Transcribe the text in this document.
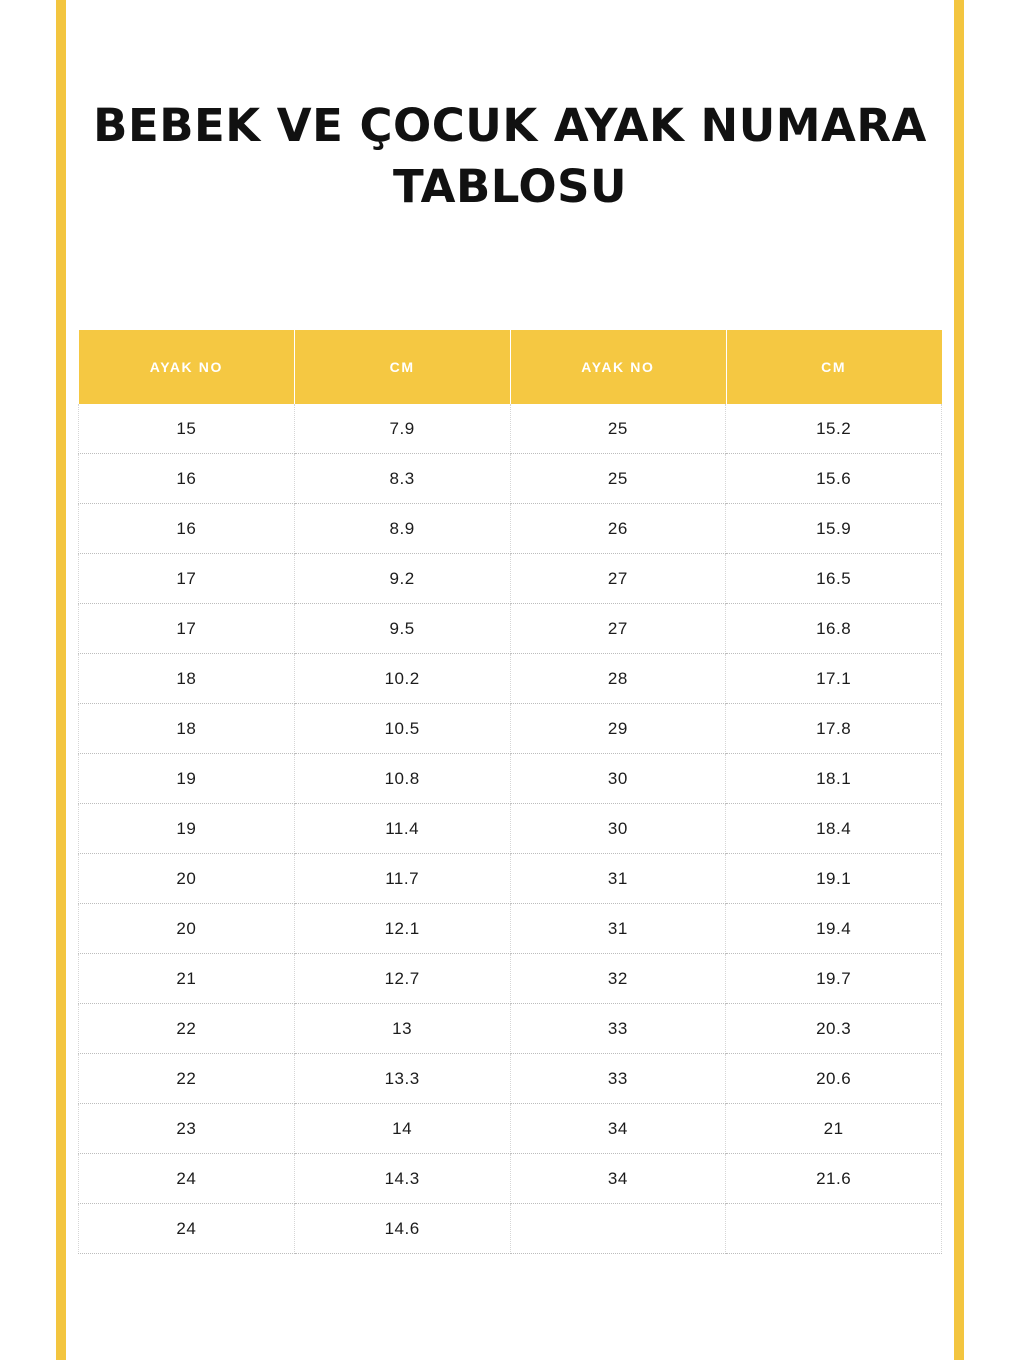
BEBEK VE ÇOCUK AYAK NUMARA TABLOSU
AYAK NO	CM	AYAK NO	CM
15	7.9	25	15.2
16	8.3	25	15.6
16	8.9	26	15.9
17	9.2	27	16.5
17	9.5	27	16.8
18	10.2	28	17.1
18	10.5	29	17.8
19	10.8	30	18.1
19	11.4	30	18.4
20	11.7	31	19.1
20	12.1	31	19.4
21	12.7	32	19.7
22	13	33	20.3
22	13.3	33	20.6
23	14	34	21
24	14.3	34	21.6
24	14.6		
